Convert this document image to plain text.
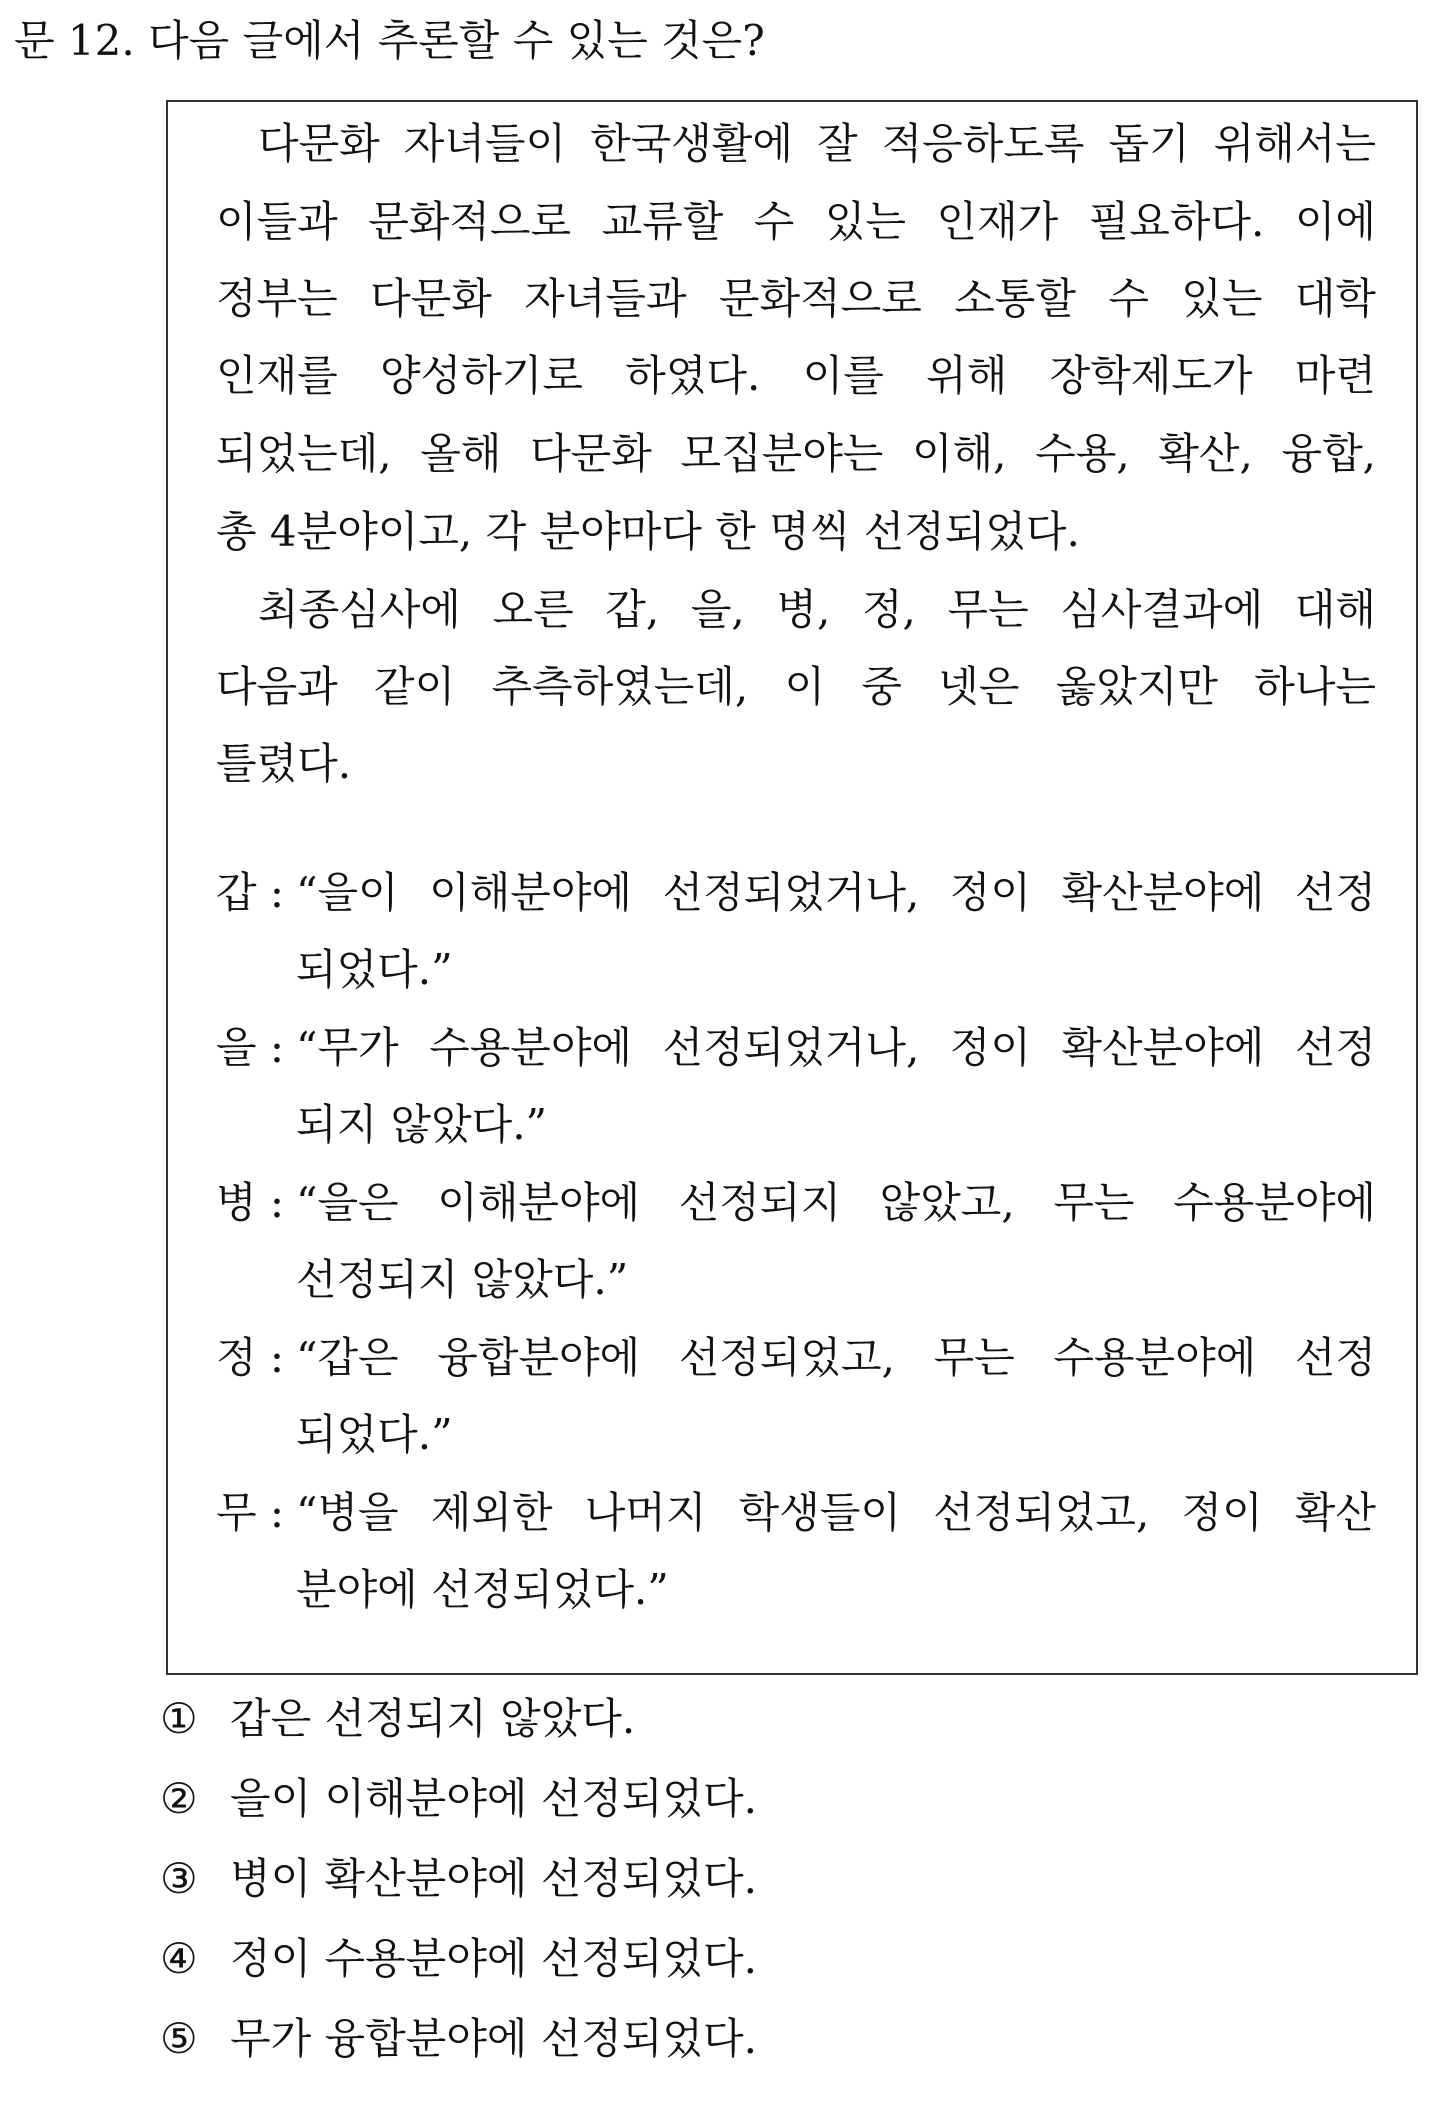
문 12. 다음 글에서 추론할 수 있는 것은?
다문화 자녀들이 한국생활에 잘 적응하도록 돕기 위해서는
이들과 문화적으로 교류할 수 있는 인재가 필요하다. 이에
정부는 다문화 자녀들과 문화적으로 소통할 수 있는 대학
인재를 양성하기로 하였다. 이를 위해 장학제도가 마련
되었는데, 올해 다문화 모집분야는 이해, 수용, 확산, 융합,
총 4분야이고, 각 분야마다 한 명씩 선정되었다.
최종심사에 오른 갑, 을, 병, 정, 무는 심사결과에 대해
다음과 같이 추측하였는데, 이 중 넷은 옳았지만 하나는
틀렸다.
갑 : “을이 이해분야에 선정되었거나, 정이 확산분야에 선정
되었다.”
을 : “무가 수용분야에 선정되었거나, 정이 확산분야에 선정
되지 않았다.”
병 : “을은 이해분야에 선정되지 않았고, 무는 수용분야에
선정되지 않았다.”
정 : “갑은 융합분야에 선정되었고, 무는 수용분야에 선정
되었다.”
무 : “병을 제외한 나머지 학생들이 선정되었고, 정이 확산
분야에 선정되었다.”
① 갑은 선정되지 않았다.
② 을이 이해분야에 선정되었다.
③ 병이 확산분야에 선정되었다.
④ 정이 수용분야에 선정되었다.
⑤ 무가 융합분야에 선정되었다.
